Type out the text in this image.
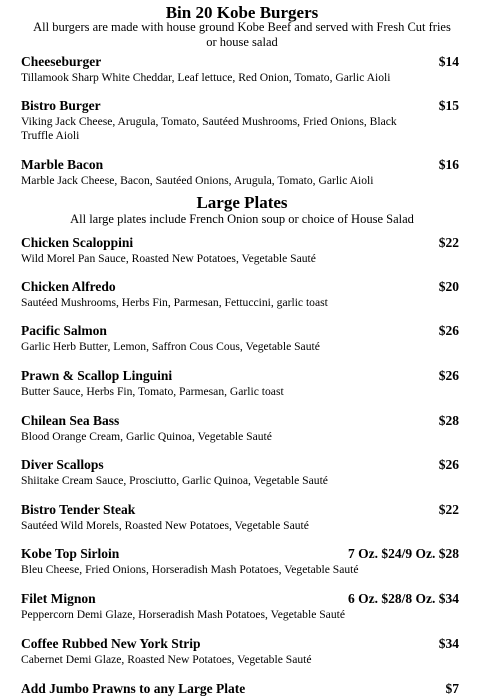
Bin 20 Kobe Burgers
All burgers are made with house ground Kobe Beef and served with Fresh Cut fries or house salad
Cheeseburger	$14
Tillamook Sharp White Cheddar, Leaf lettuce, Red Onion, Tomato, Garlic Aioli
Bistro Burger	$15
Viking Jack Cheese, Arugula, Tomato, Sautéed Mushrooms, Fried Onions, Black Truffle Aioli
Marble Bacon	$16
Marble Jack Cheese, Bacon, Sautéed Onions, Arugula, Tomato, Garlic Aioli
Large Plates
All large plates include French Onion soup or choice of House Salad
Chicken Scaloppini	$22
Wild Morel Pan Sauce, Roasted New Potatoes, Vegetable Sauté
Chicken Alfredo	$20
Sautéed Mushrooms, Herbs Fin, Parmesan, Fettuccini, garlic toast
Pacific Salmon	$26
Garlic Herb Butter, Lemon, Saffron Cous Cous, Vegetable Sauté
Prawn & Scallop Linguini	$26
Butter Sauce, Herbs Fin, Tomato, Parmesan, Garlic toast
Chilean Sea Bass	$28
Blood Orange Cream, Garlic Quinoa, Vegetable Sauté
Diver Scallops	$26
Shiitake Cream Sauce, Prosciutto, Garlic Quinoa, Vegetable Sauté
Bistro Tender Steak	$22
Sautéed Wild Morels, Roasted New Potatoes, Vegetable Sauté
Kobe Top Sirloin	7 Oz. $24/9 Oz. $28
Bleu Cheese, Fried Onions, Horseradish Mash Potatoes, Vegetable Sauté
Filet Mignon	6 Oz. $28/8 Oz. $34
Peppercorn Demi Glaze, Horseradish Mash Potatoes, Vegetable Sauté
Coffee Rubbed New York Strip	$34
Cabernet Demi Glaze, Roasted New Potatoes, Vegetable Sauté
Add Jumbo Prawns to any Large Plate	$7
